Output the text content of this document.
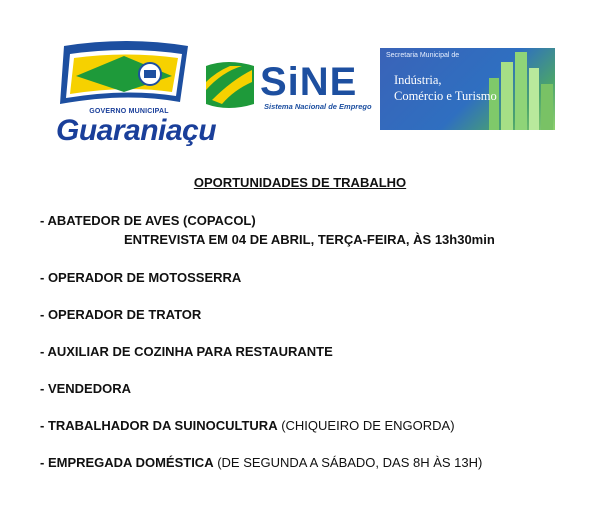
GOVERNO MUNICIPAL
Guaraniaçu
SiNE
Sistema Nacional de Emprego
Secretaria Municipal de
Indústria,
Comércio e Turismo
OPORTUNIDADES DE TRABALHO
- ABATEDOR DE AVES (COPACOL)
ENTREVISTA EM 04 DE ABRIL, TERÇA-FEIRA, ÀS 13h30min
- OPERADOR DE MOTOSSERRA
- OPERADOR DE TRATOR
- AUXILIAR DE COZINHA PARA RESTAURANTE
- VENDEDORA
- TRABALHADOR DA SUINOCULTURA (CHIQUEIRO DE ENGORDA)
- EMPREGADA DOMÉSTICA (DE SEGUNDA A SÁBADO, DAS 8H ÀS 13H)
